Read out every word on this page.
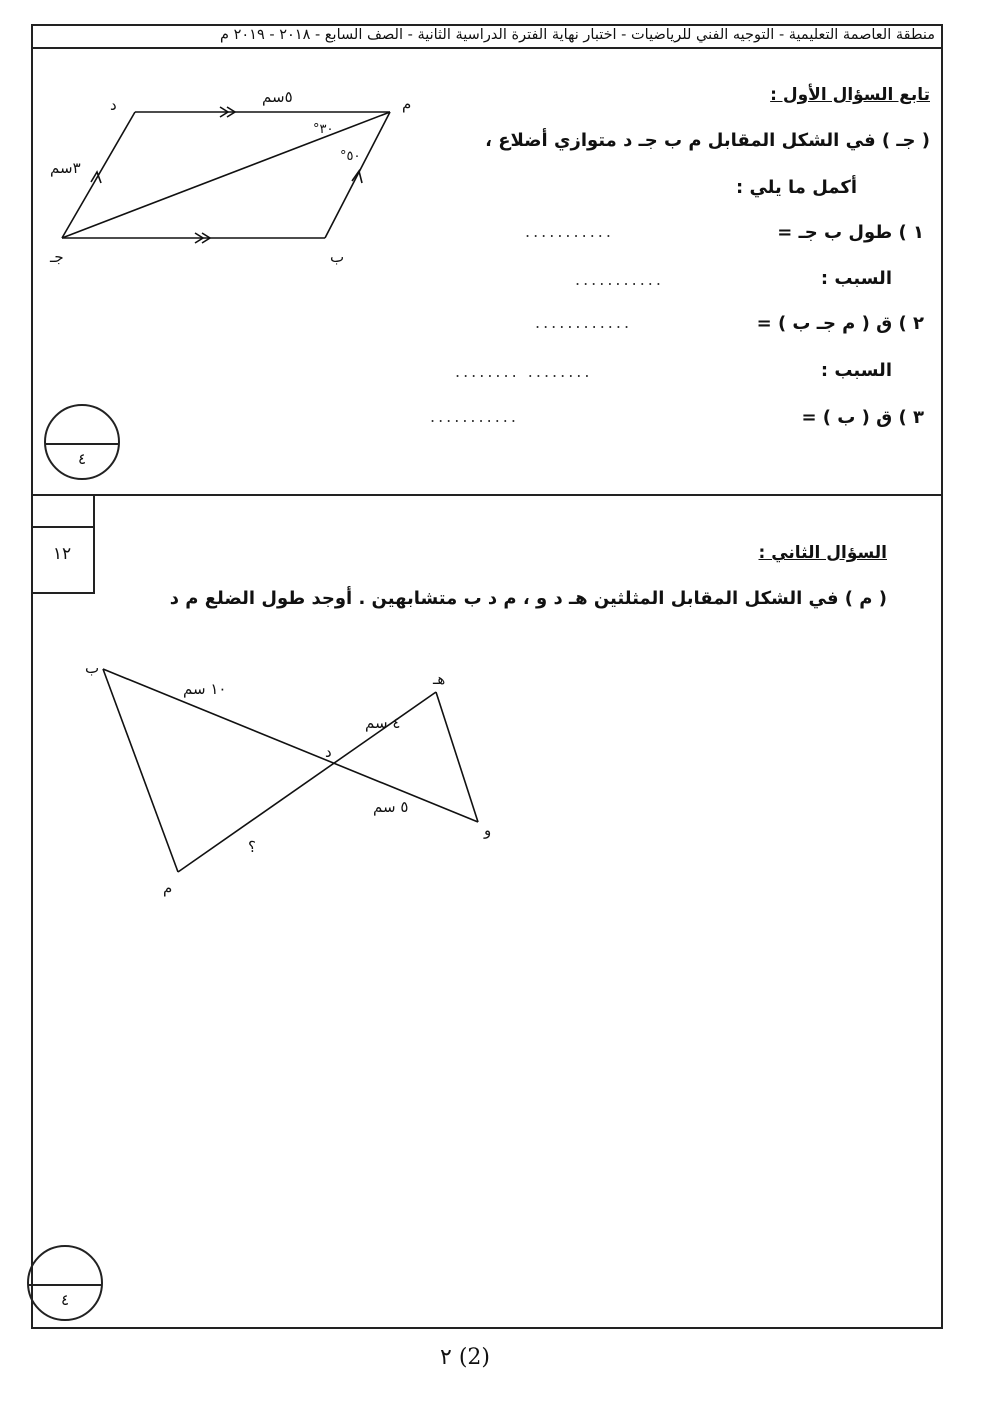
منطقة العاصمة التعليمية - التوجيه الفني للرياضيات - اختبار نهاية الفترة الدراسية الثانية - الصف السابع - ٢٠١٨ - ٢٠١٩ م
تابع السؤال الأول :
( جـ ) في الشكل المقابل م ب جـ د متوازي أضلاع ،
أكمل ما يلي :
١ ) طول ب جـ =
...........
السبب :
...........
٢ ) ق ( م جـ ب ) =
............
السبب :
........ ........
٣ ) ق ( ب ) =
...........
م
د
جـ	ب
٥سم
٣سم
°٣٠
°٥٠
٤
١٢	السؤال الثاني :
( م ) في الشكل المقابل المثلثين هـ د و ، م د ب متشابهين . أوجد طول الضلع م د
ب
هـ
د
و
م
١٠ سم
٤ سم
٥ سم
؟
٤
٢ (2)
